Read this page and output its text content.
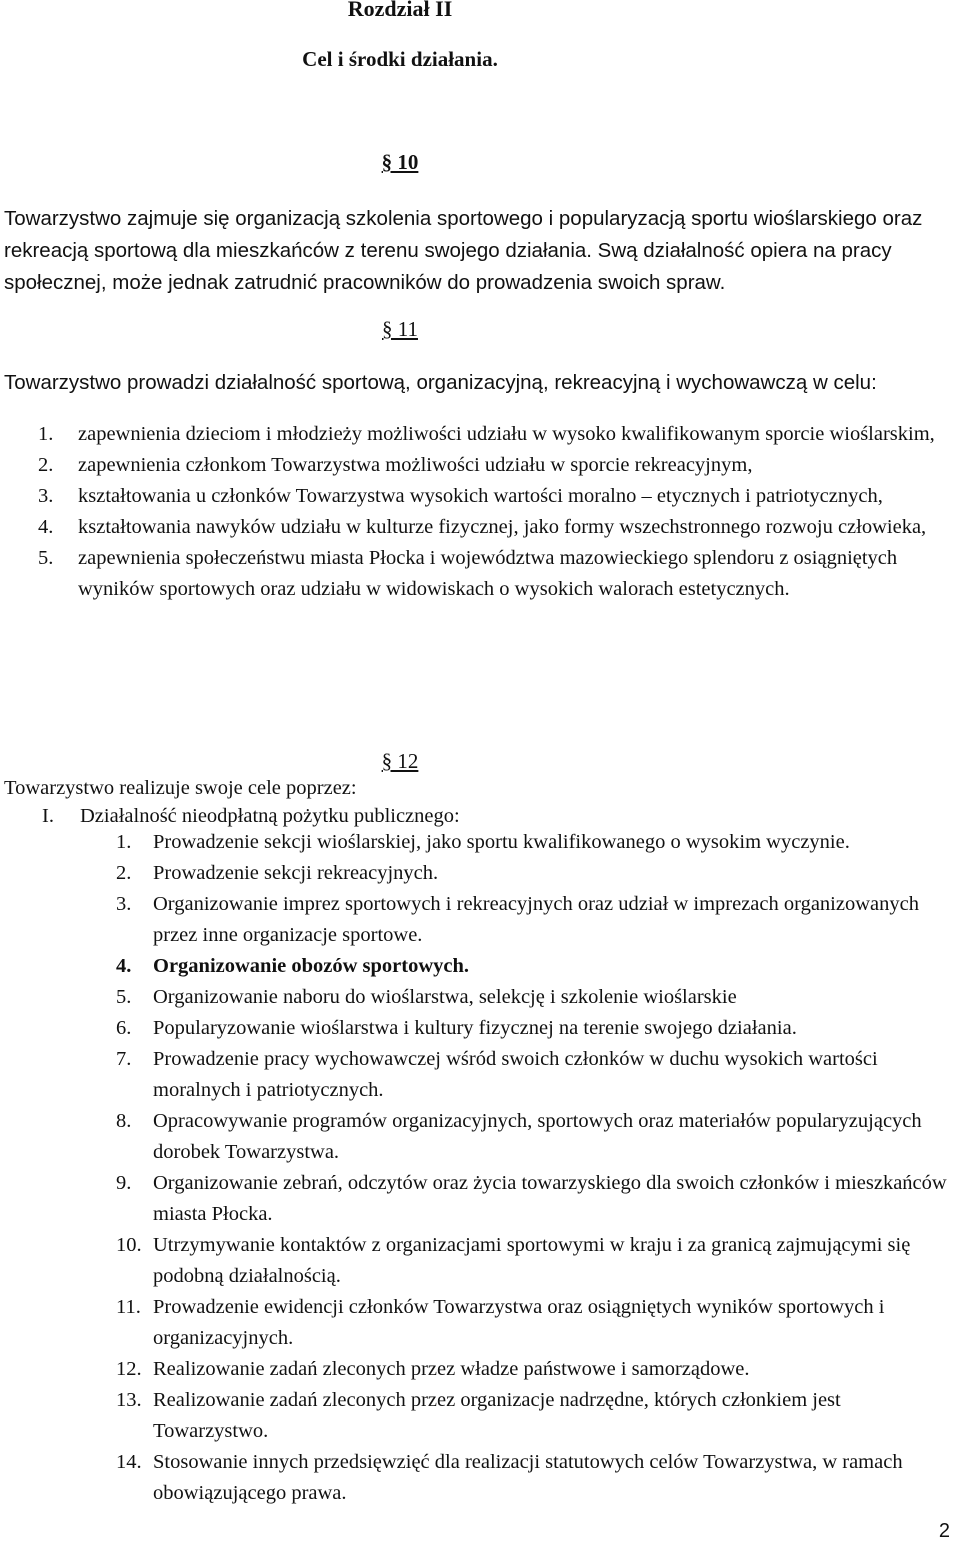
Rozdział II
Cel i środki działania.
§ 10
Towarzystwo zajmuje się organizacją szkolenia sportowego i popularyzacją sportu wioślarskiego oraz rekreacją sportową dla mieszkańców z terenu swojego działania. Swą działalność opiera na pracy społecznej, może jednak zatrudnić pracowników do prowadzenia swoich spraw.
§ 11
Towarzystwo prowadzi działalność sportową, organizacyjną, rekreacyjną i wychowawczą w celu:
1. zapewnienia dzieciom i młodzieży możliwości udziału w wysoko kwalifikowanym sporcie wioślarskim,
2. zapewnienia członkom Towarzystwa możliwości udziału w sporcie rekreacyjnym,
3. kształtowania u członków Towarzystwa wysokich wartości moralno – etycznych i patriotycznych,
4. kształtowania nawyków udziału w kulturze fizycznej, jako formy wszechstronnego rozwoju człowieka,
5. zapewnienia społeczeństwu miasta Płocka i województwa mazowieckiego splendoru z osiągniętych wyników sportowych oraz udziału w widowiskach o wysokich walorach estetycznych.
§ 12
Towarzystwo realizuje swoje cele poprzez:
I. Działalność nieodpłatną pożytku publicznego:
1. Prowadzenie sekcji wioślarskiej, jako sportu kwalifikowanego o wysokim wyczynie.
2. Prowadzenie sekcji rekreacyjnych.
3. Organizowanie imprez sportowych i rekreacyjnych oraz udział w imprezach organizowanych przez inne organizacje sportowe.
4. Organizowanie obozów sportowych.
5. Organizowanie naboru do wioślarstwa, selekcję i szkolenie wioślarskie
6. Popularyzowanie wioślarstwa i kultury fizycznej na terenie swojego działania.
7. Prowadzenie pracy wychowawczej wśród swoich członków w duchu wysokich wartości moralnych i patriotycznych.
8. Opracowywanie programów organizacyjnych, sportowych oraz materiałów popularyzujących dorobek Towarzystwa.
9. Organizowanie zebrań, odczytów oraz życia towarzyskiego dla swoich członków i mieszkańców miasta Płocka.
10. Utrzymywanie kontaktów z organizacjami sportowymi w kraju i za granicą zajmującymi się podobną działalnością.
11. Prowadzenie ewidencji członków Towarzystwa oraz osiągniętych wyników sportowych i organizacyjnych.
12. Realizowanie zadań zleconych przez władze państwowe i samorządowe.
13. Realizowanie zadań zleconych przez organizacje nadrzędne, których członkiem jest Towarzystwo.
14. Stosowanie innych przedsięwzięć dla realizacji statutowych celów Towarzystwa, w ramach obowiązującego prawa.
2
